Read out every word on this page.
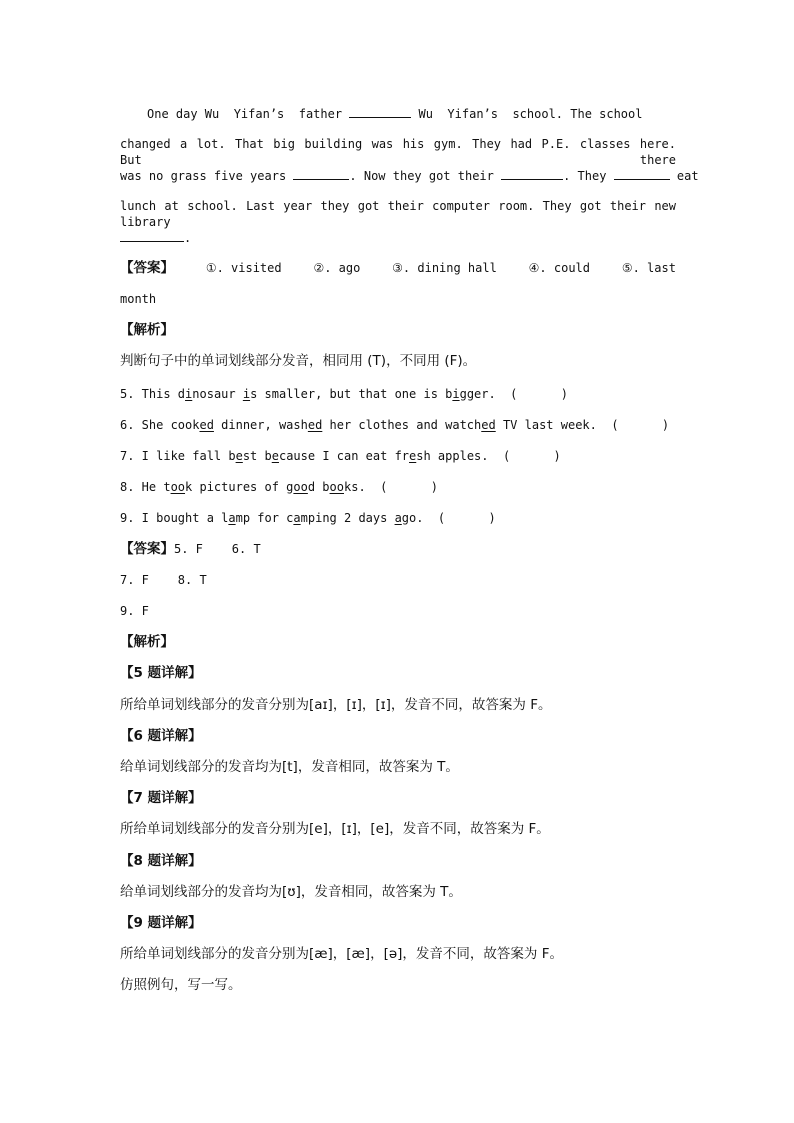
One day Wu  Yifan’s  father	Wu  Yifan’s  school. The school
changed a lot. That big building was his gym. They had P.E. classes here. But there
was no grass five years	. Now they got their	. They	eat
lunch at school. Last year they got their computer room. They got their new library
.
【答案】	①. visited	②. ago	③. dining hall	④. could	⑤. last
month
【解析】
判断句子中的单词划线部分发音，相同用 (T)，不同用 (F)。
5. This dinosaur is smaller, but that one is bigger.  (      )
6. She cooked dinner, washed her clothes and watched TV last week.  (      )
7. I like fall best because I can eat fresh apples.  (      )
8. He took pictures of good books.  (      )
9. I bought a lamp for camping 2 days ago.  (      )
【答案】5. F    6. T
7. F    8. T
9. F
【解析】
【5 题详解】
所给单词划线部分的发音分别为[aɪ]，[ɪ]，[ɪ]，发音不同，故答案为 F。
【6 题详解】
给单词划线部分的发音均为[t]，发音相同，故答案为 T。
【7 题详解】
所给单词划线部分的发音分别为[e]，[ɪ]，[e]，发音不同，故答案为 F。
【8 题详解】
给单词划线部分的发音均为[ʊ]，发音相同，故答案为 T。
【9 题详解】
所给单词划线部分的发音分别为[æ]，[æ]，[ə]，发音不同，故答案为 F。
仿照例句，写一写。
